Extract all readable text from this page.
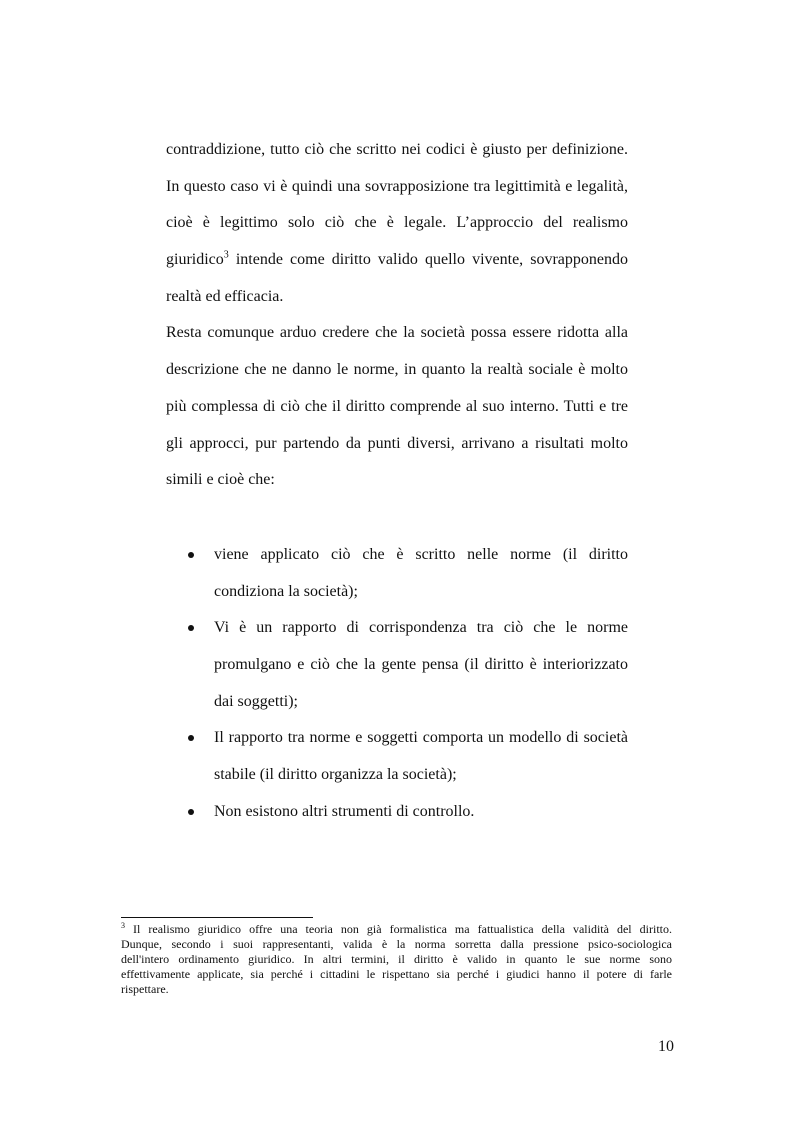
contraddizione, tutto ciò che scritto nei codici è giusto per definizione.
In questo caso vi è quindi una sovrapposizione tra legittimità e legalità,
cioè è legittimo solo ciò che è legale. L’approccio del realismo
giuridico$^3$ intende come diritto valido quello vivente, sovrapponendo
realtà ed efficacia.
Resta comunque arduo credere che la società possa essere ridotta alla
descrizione che ne danno le norme, in quanto la realtà sociale è molto
più complessa di ciò che il diritto comprende al suo interno. Tutti e tre
gli approcci, pur partendo da punti diversi, arrivano a risultati molto
simili e cioè che:
viene applicato ciò che è scritto nelle norme (il diritto
condiziona la società);
Vi è un rapporto di corrispondenza tra ciò che le norme
promulgano e ciò che la gente pensa (il diritto è interiorizzato
dai soggetti);
Il rapporto tra norme e soggetti comporta un modello di società
stabile (il diritto organizza la società);
Non esistono altri strumenti di controllo.
$^3$ Il realismo giuridico offre una teoria non già formalistica ma fattualistica della validità del diritto.
Dunque, secondo i suoi rappresentanti, valida è la norma sorretta dalla pressione psico-sociologica
dell'intero ordinamento giuridico. In altri termini, il diritto è valido in quanto le sue norme sono
effettivamente applicate, sia perché i cittadini le rispettano sia perché i giudici hanno il potere di farle
rispettare.
10
